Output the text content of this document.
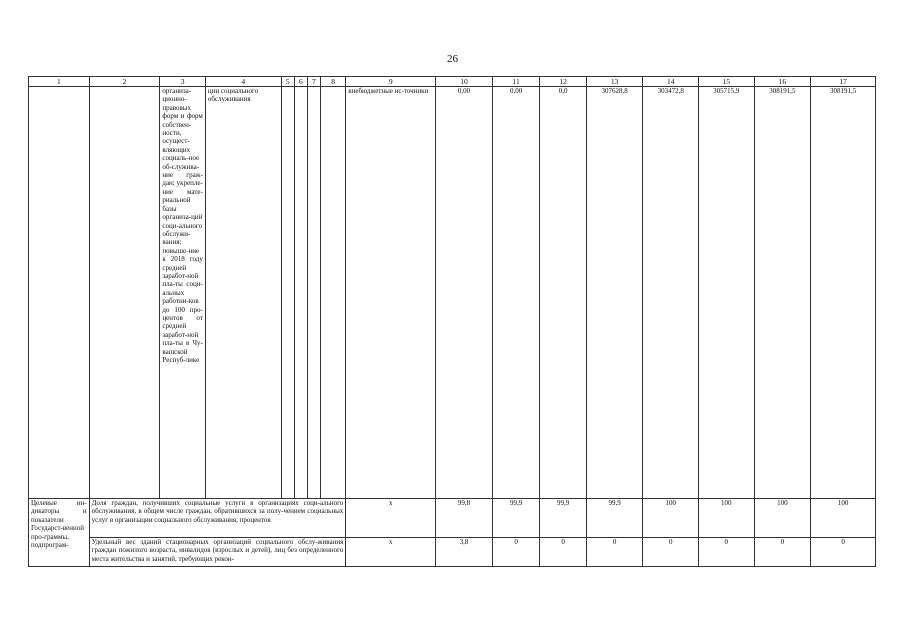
26
1	2	3	4	5	6	7	8	9	10	11	12	13	14	15	16	17
		организа-ционно-правовых форм и форм собствен-ности, осущест-вляющих социаль-ное об-служива-ние граж-дан; укрепле-ние мате-риальной базы организа-ций соци-ального обслужи-вания; повыше-ние к 2018 году средней заработ-ной пла-ты соци-альных работни-ков до 100 про-центов от средней заработ-ной пла-ты в Чу-вашской Респуб-лике	ции социального обслуживания					внебюджетные ис-точники	0,00	0,00	0,0	307628,8	303472,8	305715,9	308191,5	308191,5
Целевые ин-дикаторы и показатели Государст-венной про-граммы, подпрограм-	Доля граждан, получивших социальные услуги в организациях соци-ального обслуживания, в общем числе граждан, обратившихся за полу-чением социальных услуг в организации социального обслуживания, процентов							х	99,8	99,9	99,9	99,9	100	100	100	100
	Удельный вес зданий стационарных организаций социального обслу-живания граждан пожилого возраста, инвалидов (взрослых и детей), лиц без определенного места жительства и занятий, требующих рекон-							х	3,8	0	0	0	0	0	0	0
